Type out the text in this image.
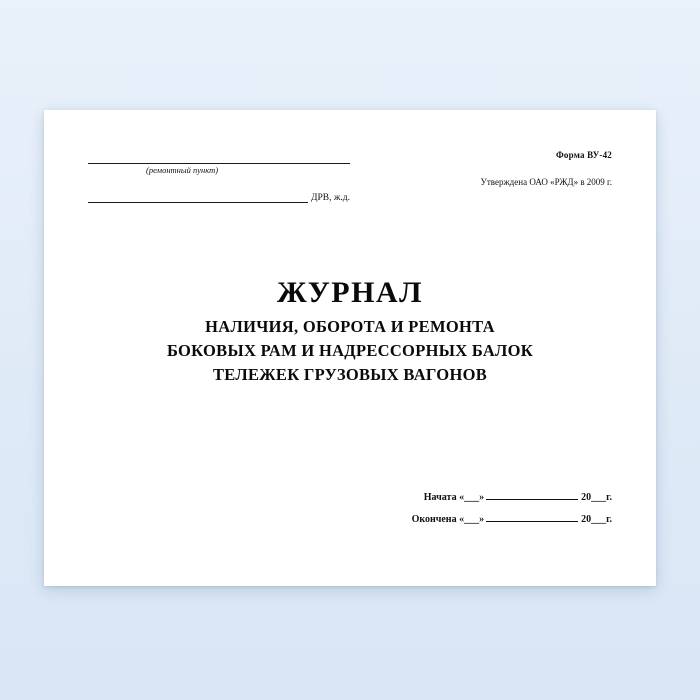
(ремонтный пункт)
ДРВ, ж.д.
Форма ВУ-42
Утверждена ОАО «РЖД» в 2009 г.
ЖУРНАЛ
НАЛИЧИЯ, ОБОРОТА И РЕМОНТА
БОКОВЫХ РАМ И НАДРЕССОРНЫХ БАЛОК
ТЕЛЕЖЕК ГРУЗОВЫХ ВАГОНОВ
Начата «___»	20___г.
Окончена «___»	20___г.
